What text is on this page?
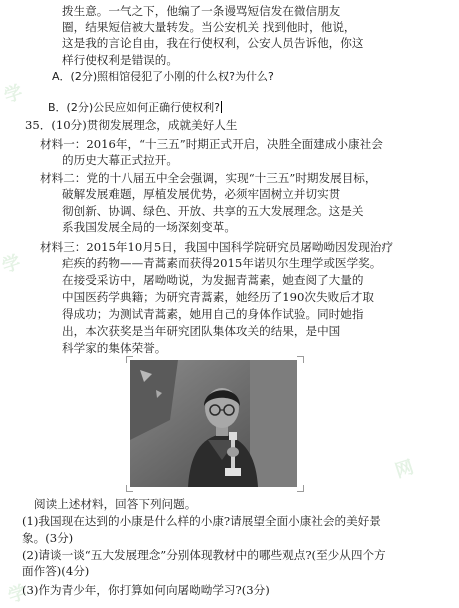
学
学
学
网
拨生意。一气之下，他编了一条谩骂短信发在微信朋友
圈，结果短信被大量转发。当公安机关 找到他时，他说，
这是我的言论自由，我在行使权利，公安人员告诉他，你这
样行使权利是错误的。
A．(2分)照相馆侵犯了小刚的什么权?为什么?
B．(2分)公民应如何正确行使权利?
35．(10分)贯彻发展理念，成就美好人生
材料一：2016年，“十三五”时期正式开启，决胜全面建成小康社会
的历史大幕正式拉开。
材料二：党的十八届五中全会强调，实现“十三五”时期发展目标，
破解发展难题，厚植发展优势，必须牢固树立并切实贯
彻创新、协调、绿色、开放、共享的五大发展理念。这是关
系我国发展全局的一场深刻变革。
材料三：2015年10月5日，我国中国科学院研究员屠呦呦因发现治疗
疟疾的药物——青蒿素而获得2015年诺贝尔生理学或医学奖。
在接受采访中，屠呦呦说，为发掘青蒿素，她查阅了大量的
中国医药学典籍；为研究青蒿素，她经历了190次失败后才取
得成功；为测试青蒿素，她用自己的身体作试验。同时她指
出，本次获奖是当年研究团队集体攻关的结果，是中国
科学家的集体荣誉。
阅读上述材料，回答下列问题。
(1)我国现在达到的小康是什么样的小康?请展望全面小康社会的美好景
象。(3分)
(2)请谈一谈“五大发展理念”分别体现教材中的哪些观点?(至少从四个方
面作答)(4分)
(3)作为青少年，你打算如何向屠呦呦学习?(3分)
